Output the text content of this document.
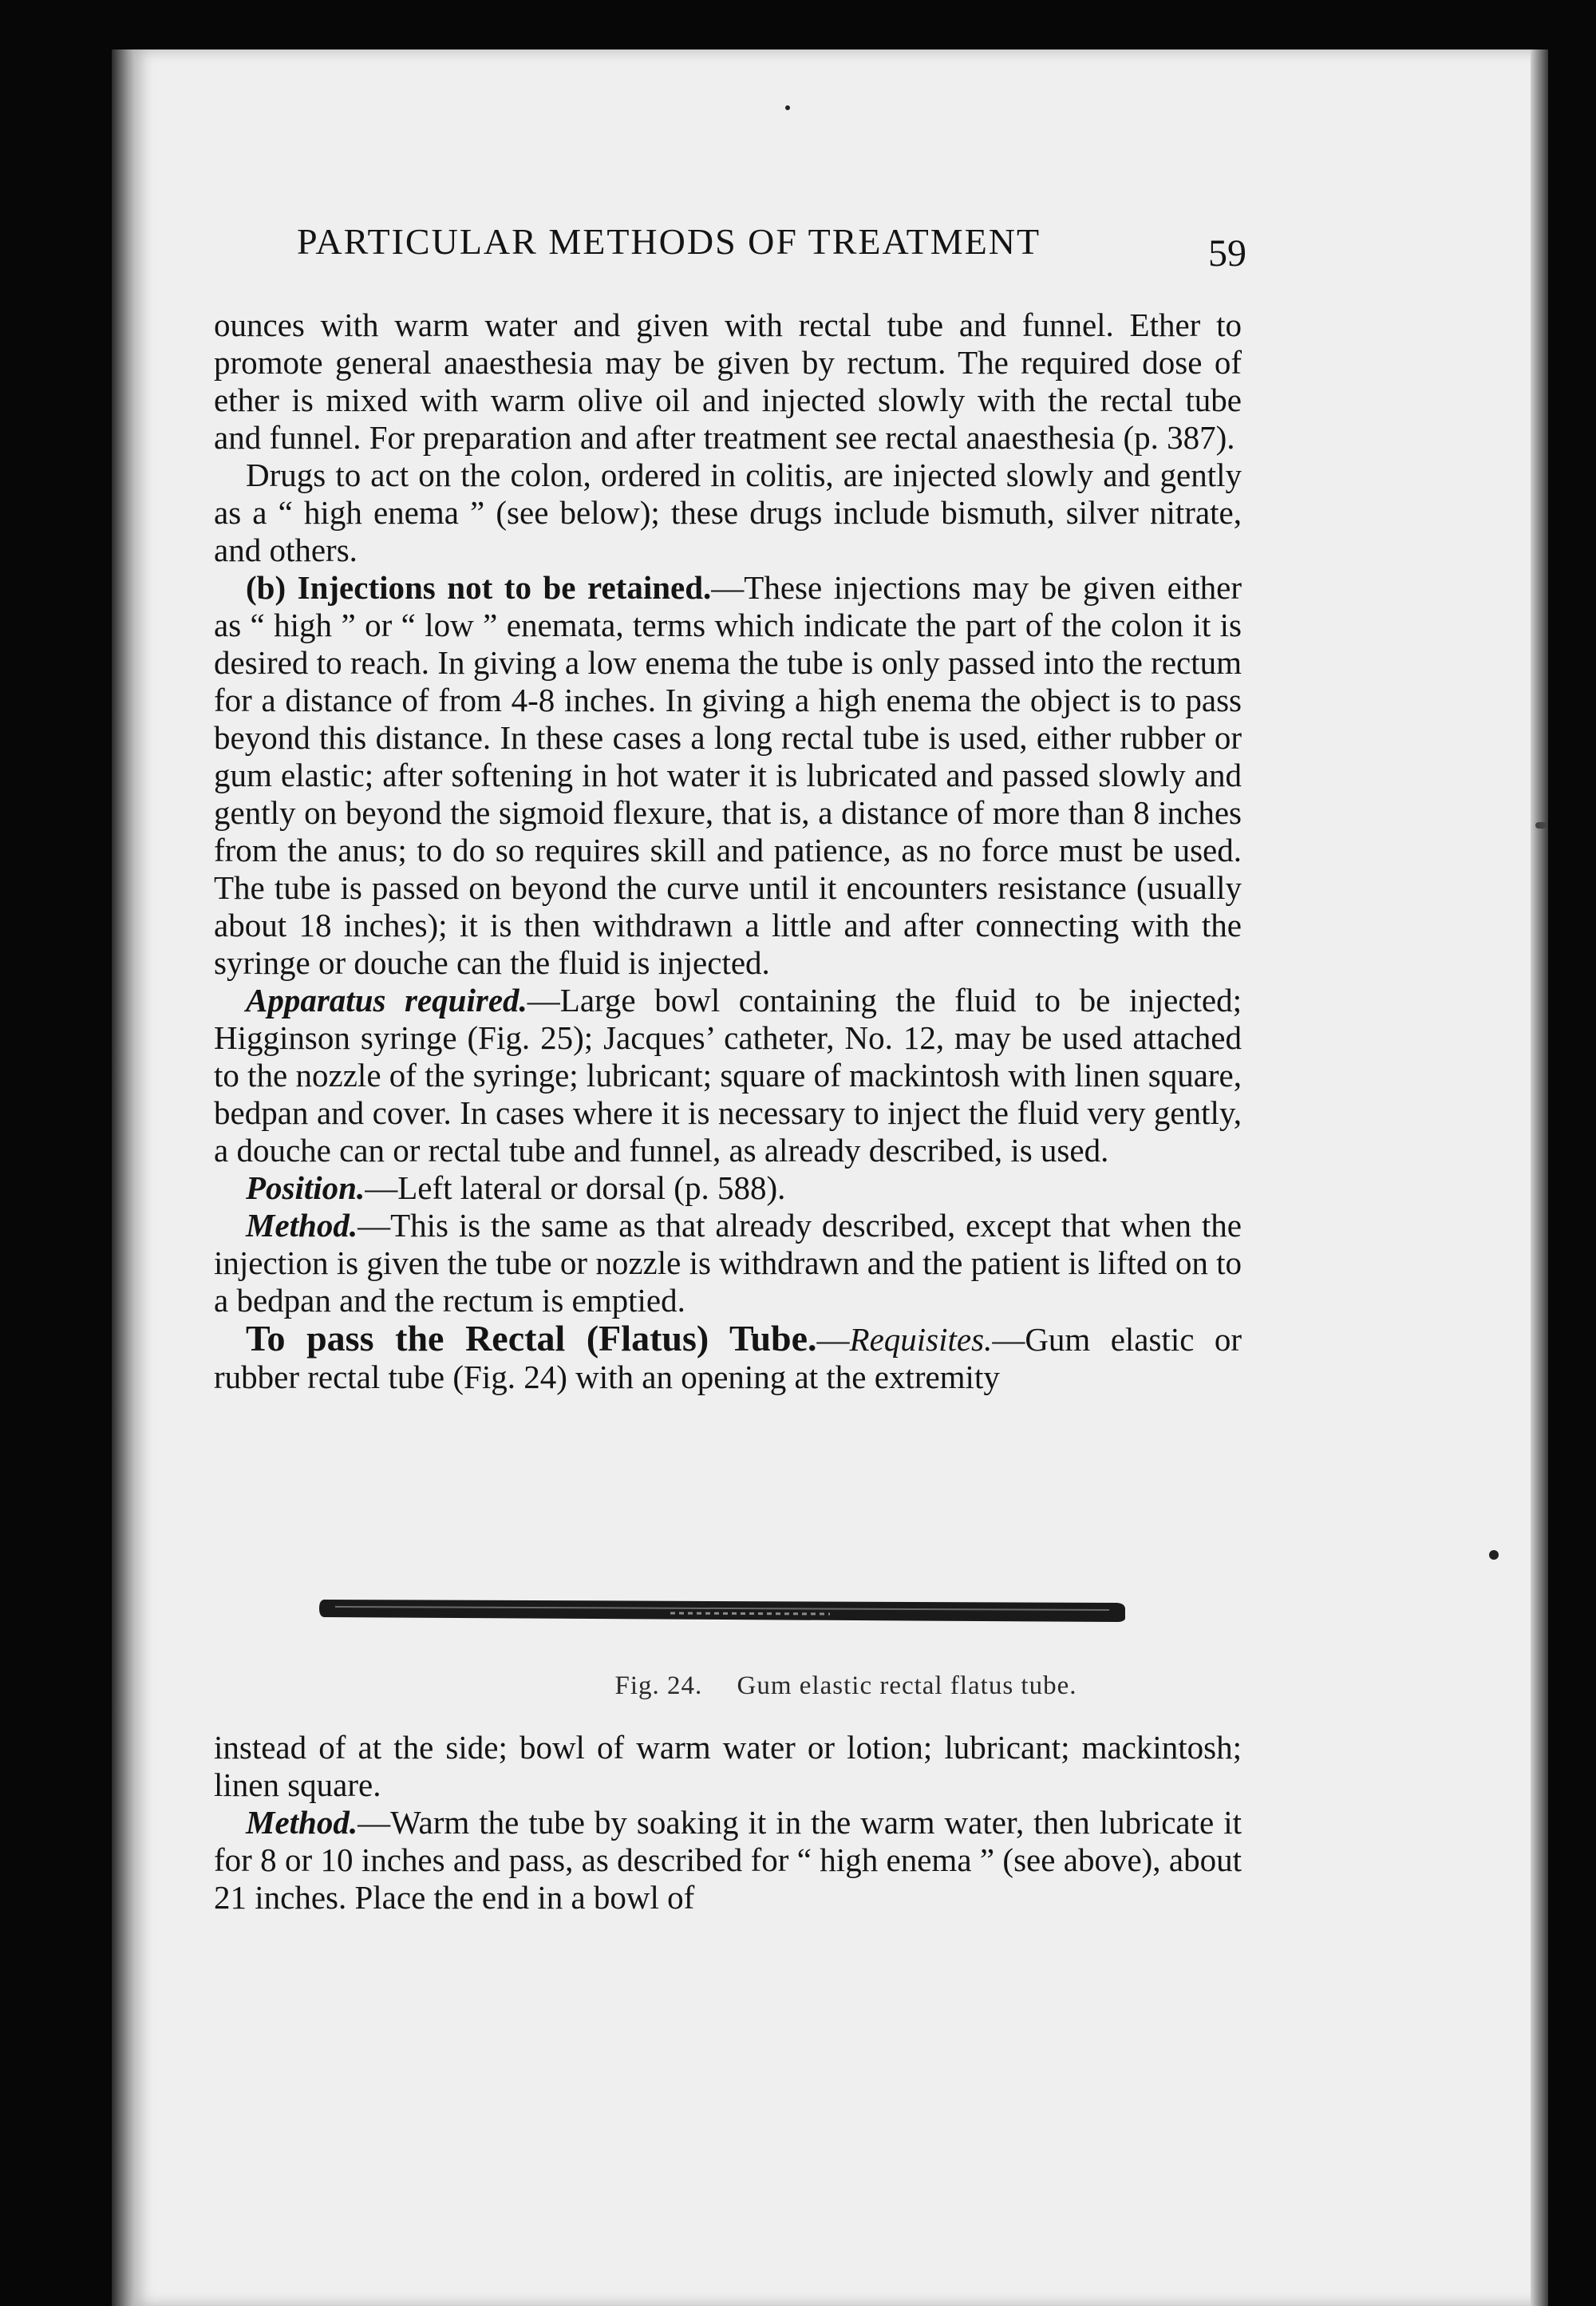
PARTICULAR METHODS OF TREATMENT	59

ounces with warm water and given with rectal tube and funnel. Ether to promote general anaesthesia may be given by rectum. The required dose of ether is mixed with warm olive oil and injected slowly with the rectal tube and funnel. For preparation and after treatment see rectal anaesthesia (p. 387).

Drugs to act on the colon, ordered in colitis, are injected slowly and gently as a “ high enema ” (see below); these drugs include bismuth, silver nitrate, and others.

(b) Injections not to be retained.—These injections may be given either as “ high ” or “ low ” enemata, terms which indicate the part of the colon it is desired to reach. In giving a low enema the tube is only passed into the rectum for a distance of from 4-8 inches. In giving a high enema the object is to pass beyond this distance. In these cases a long rectal tube is used, either rubber or gum elastic; after softening in hot water it is lubricated and passed slowly and gently on beyond the sigmoid flexure, that is, a distance of more than 8 inches from the anus; to do so requires skill and patience, as no force must be used. The tube is passed on beyond the curve until it encounters resistance (usually about 18 inches); it is then withdrawn a little and after connecting with the syringe or douche can the fluid is injected.

Apparatus required.—Large bowl containing the fluid to be injected; Higginson syringe (Fig. 25); Jacques’ catheter, No. 12, may be used attached to the nozzle of the syringe; lubricant; square of mackintosh with linen square, bedpan and cover. In cases where it is necessary to inject the fluid very gently, a douche can or rectal tube and funnel, as already described, is used.

Position.—Left lateral or dorsal (p. 588).

Method.—This is the same as that already described, except that when the injection is given the tube or nozzle is withdrawn and the patient is lifted on to a bedpan and the rectum is emptied.

To pass the Rectal (Flatus) Tube.—Requisites.—Gum elastic or rubber rectal tube (Fig. 24) with an opening at the extremity

Fig. 24. Gum elastic rectal flatus tube.

instead of at the side; bowl of warm water or lotion; lubricant; mackintosh; linen square.

Method.—Warm the tube by soaking it in the warm water, then lubricate it for 8 or 10 inches and pass, as described for “ high enema ” (see above), about 21 inches. Place the end in a bowl of
